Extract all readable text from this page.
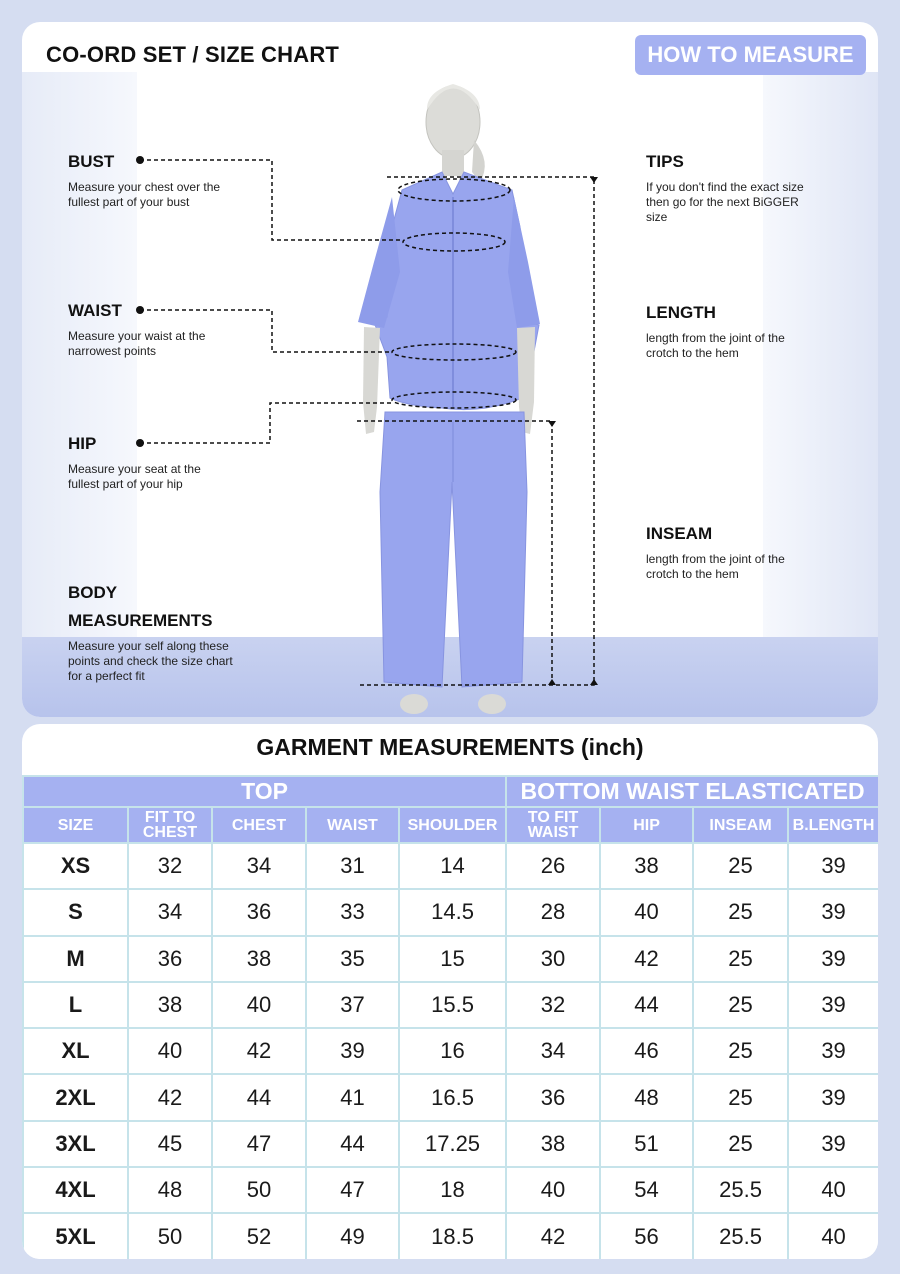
CO-ORD SET / SIZE CHART	HOW TO MEASURE
BUST
Measure your chest over the fullest part of your bust
WAIST
Measure your waist at the narrowest points
HIP
Measure your seat at the fullest part of your hip
BODY
MEASUREMENTS
Measure your self along these points and check the size chart for a perfect fit
TIPS
If you don't find the exact size then go for the next BiGGER size
LENGTH
length from the joint of the crotch to the hem
INSEAM
length from the joint of the crotch to the hem
GARMENT MEASUREMENTS (inch)
TOP					BOTTOM WAIST ELASTICATED			
SIZE	FIT TO CHEST	CHEST	WAIST	SHOULDER	TO FIT WAIST	HIP	INSEAM	B.LENGTH
XS	32	34	31	14	26	38	25	39
S	34	36	33	14.5	28	40	25	39
M	36	38	35	15	30	42	25	39
L	38	40	37	15.5	32	44	25	39
XL	40	42	39	16	34	46	25	39
2XL	42	44	41	16.5	36	48	25	39
3XL	45	47	44	17.25	38	51	25	39
4XL	48	50	47	18	40	54	25.5	40
5XL	50	52	49	18.5	42	56	25.5	40
